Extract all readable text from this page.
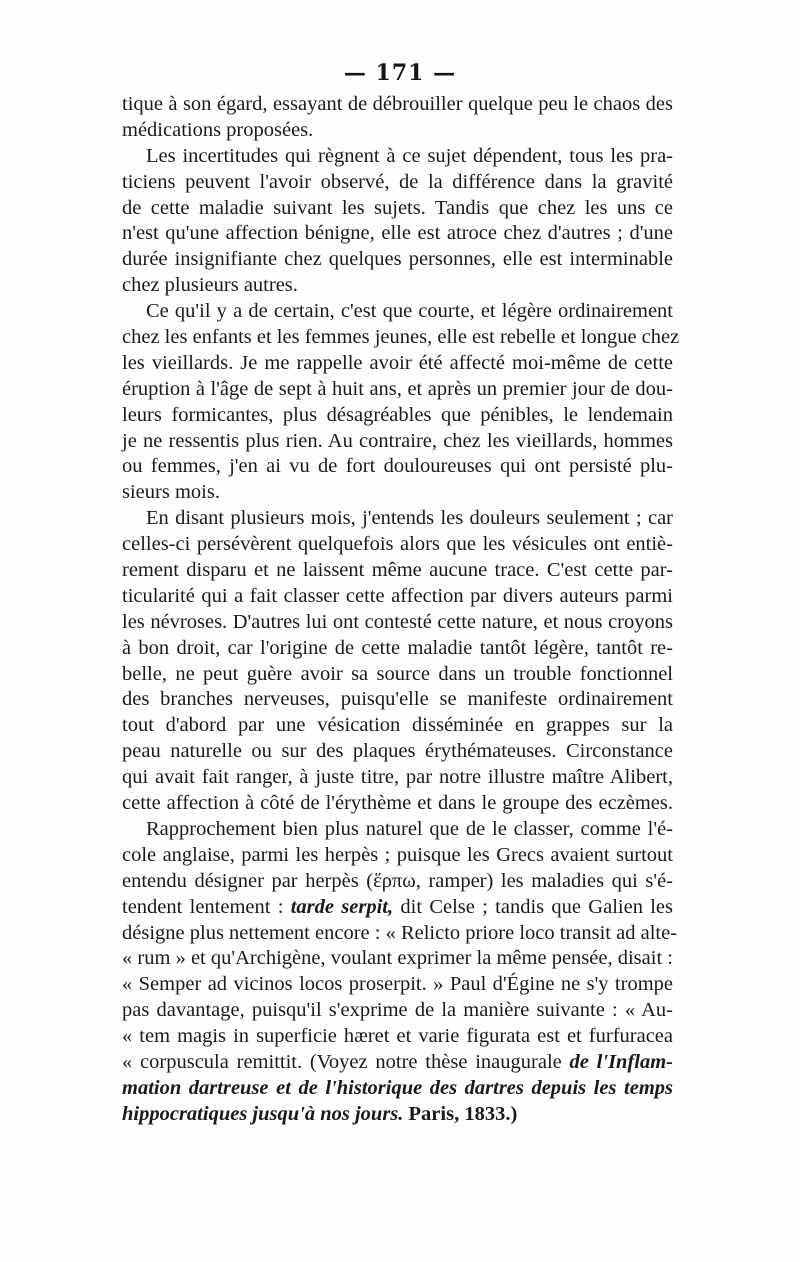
— 171 —
tique à son égard, essayant de débrouiller quelque peu le chaos des
médications proposées.
Les incertitudes qui règnent à ce sujet dépendent, tous les pra-
ticiens peuvent l'avoir observé, de la différence dans la gravité
de cette maladie suivant les sujets. Tandis que chez les uns ce
n'est qu'une affection bénigne, elle est atroce chez d'autres ; d'une
durée insignifiante chez quelques personnes, elle est interminable
chez plusieurs autres.
Ce qu'il y a de certain, c'est que courte, et légère ordinairement
chez les enfants et les femmes jeunes, elle est rebelle et longue chez
les vieillards. Je me rappelle avoir été affecté moi-même de cette
éruption à l'âge de sept à huit ans, et après un premier jour de dou-
leurs formicantes, plus désagréables que pénibles, le lendemain
je ne ressentis plus rien. Au contraire, chez les vieillards, hommes
ou femmes, j'en ai vu de fort douloureuses qui ont persisté plu-
sieurs mois.
En disant plusieurs mois, j'entends les douleurs seulement ; car
celles-ci persévèrent quelquefois alors que les vésicules ont entiè-
rement disparu et ne laissent même aucune trace. C'est cette par-
ticularité qui a fait classer cette affection par divers auteurs parmi
les névroses. D'autres lui ont contesté cette nature, et nous croyons
à bon droit, car l'origine de cette maladie tantôt légère, tantôt re-
belle, ne peut guère avoir sa source dans un trouble fonctionnel
des branches nerveuses, puisqu'elle se manifeste ordinairement
tout d'abord par une vésication disséminée en grappes sur la
peau naturelle ou sur des plaques érythémateuses. Circonstance
qui avait fait ranger, à juste titre, par notre illustre maître Alibert,
cette affection à côté de l'érythème et dans le groupe des eczèmes.
Rapprochement bien plus naturel que de le classer, comme l'é-
cole anglaise, parmi les herpès ; puisque les Grecs avaient surtout
entendu désigner par herpès (ἕρπω, ramper) les maladies qui s'é-
tendent lentement : tarde serpit, dit Celse ; tandis que Galien les
désigne plus nettement encore : « Relicto priore loco transit ad alte-
« rum » et qu'Archigène, voulant exprimer la même pensée, disait :
« Semper ad vicinos locos proserpit. » Paul d'Égine ne s'y trompe
pas davantage, puisqu'il s'exprime de la manière suivante : « Au-
« tem magis in superficie hæret et varie figurata est et furfuracea
« corpuscula remittit. (Voyez notre thèse inaugurale de l'Inflam-
mation dartreuse et de l'historique des dartres depuis les temps
hippocratiques jusqu'à nos jours. Paris, 1833.)
